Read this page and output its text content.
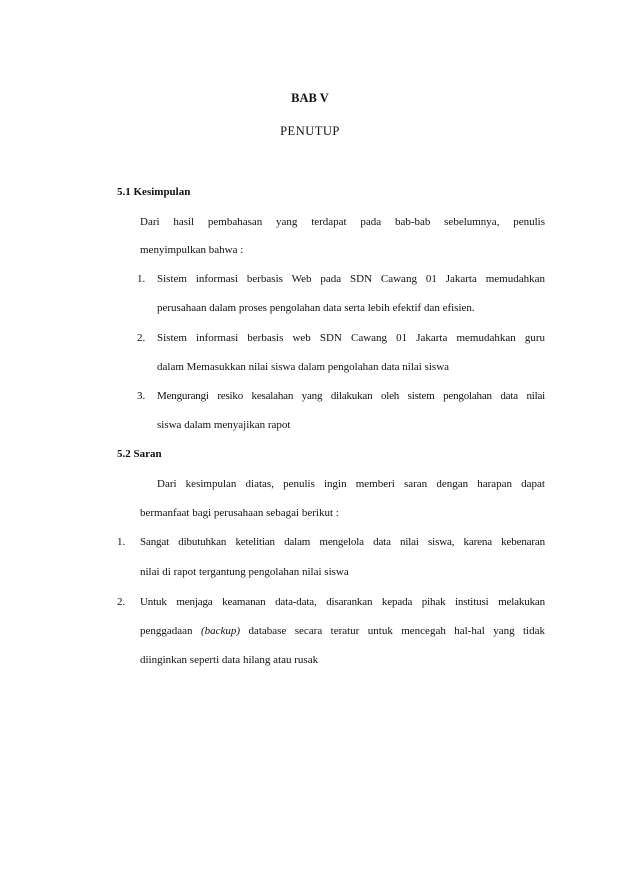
BAB V
PENUTUP
5.1 Kesimpulan
Dari hasil pembahasan yang terdapat pada bab-bab sebelumnya, penulis
menyimpulkan bahwa :
1. Sistem informasi berbasis Web pada SDN Cawang 01 Jakarta memudahkan
perusahaan dalam proses pengolahan data serta lebih efektif dan efisien.
2. Sistem informasi berbasis web SDN Cawang 01 Jakarta memudahkan guru
dalam Memasukkan nilai siswa dalam pengolahan data nilai siswa
3. Mengurangi resiko kesalahan yang dilakukan oleh sistem pengolahan data nilai
siswa dalam menyajikan rapot
5.2 Saran
Dari kesimpulan diatas, penulis ingin memberi saran dengan harapan dapat
bermanfaat bagi perusahaan sebagai berikut :
1. Sangat dibutuhkan ketelitian dalam mengelola data nilai siswa, karena kebenaran
nilai di rapot tergantung pengolahan nilai siswa
2. Untuk menjaga keamanan data-data, disarankan kepada pihak institusi melakukan
penggadaan (backup) database secara teratur untuk mencegah hal-hal yang tidak
diinginkan seperti data hilang atau rusak
